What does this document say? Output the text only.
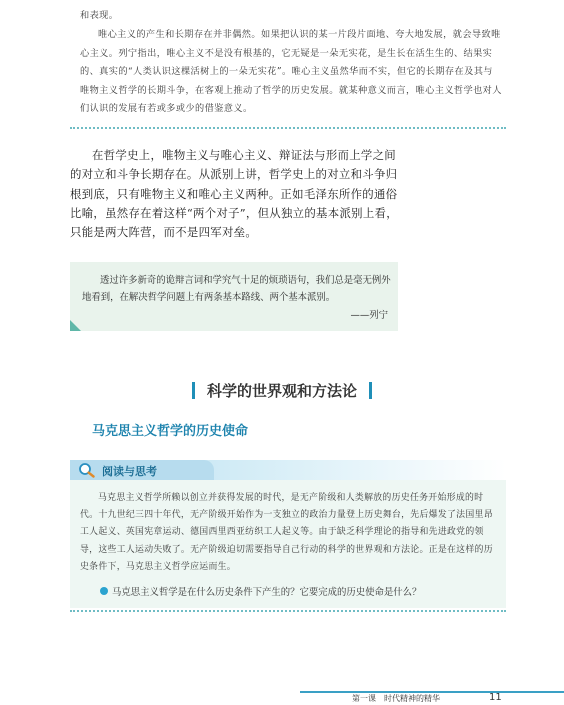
和表现。

唯心主义的产生和长期存在并非偶然。如果把认识的某一片段片面地、夸大地发展，就会导致唯心主义。列宁指出，唯心主义不是没有根基的，它无疑是一朵无实花，是生长在活生生的、结果实的、真实的“人类认识这棵活树上的一朵无实花”。唯心主义虽然华而不实，但它的长期存在及其与唯物主义哲学的长期斗争，在客观上推动了哲学的历史发展。就某种意义而言，唯心主义哲学也对人们认识的发展有若或多或少的借鉴意义。

在哲学史上，唯物主义与唯心主义、辩证法与形而上学之间的对立和斗争长期存在。从派别上讲，哲学史上的对立和斗争归根到底，只有唯物主义和唯心主义两种。正如毛泽东所作的通俗比喻，虽然存在着这样“两个对子”，但从独立的基本派别上看，只能是两大阵营，而不是四军对垒。

透过许多新奇的诡辩言词和学究气十足的烦琐语句，我们总是毫无例外地看到，在解决哲学问题上有两条基本路线、两个基本派别。

——列宁
科学的世界观和方法论
马克思主义哲学的历史使命
阅读与思考

马克思主义哲学所赖以创立并获得发展的时代，是无产阶级和人类解放的历史任务开始形成的时代。十九世纪三四十年代，无产阶级开始作为一支独立的政治力量登上历史舞台，先后爆发了法国里昂工人起义、英国宪章运动、德国西里西亚纺织工人起义等。由于缺乏科学理论的指导和先进政党的领导，这些工人运动失败了。无产阶级迫切需要指导自己行动的科学的世界观和方法论。正是在这样的历史条件下，马克思主义哲学应运而生。

马克思主义哲学是在什么历史条件下产生的？它要完成的历史使命是什么？
第一课　时代精神的精华	11
